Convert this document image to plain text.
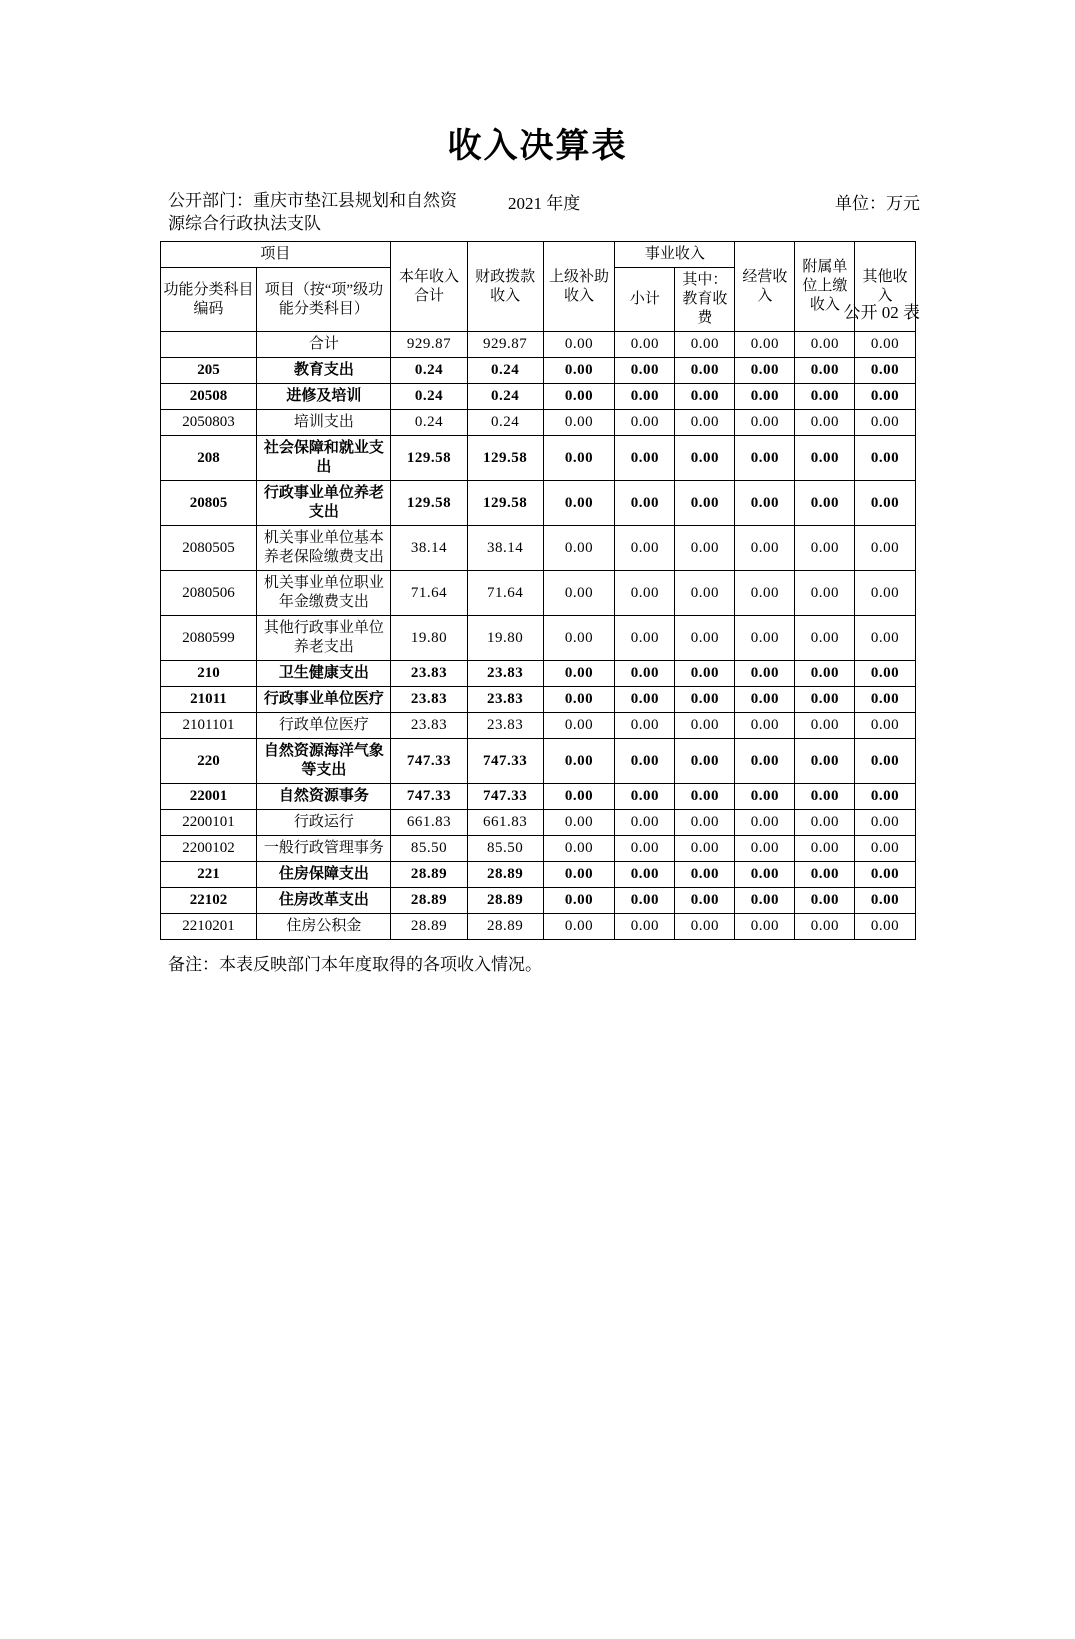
收入决算表
公开 02 表
公开部门：重庆市垫江县规划和自然资源综合行政执法支队
2021 年度	单位：万元
项目		本年收入合计	财政拨款收入	上级补助收入	事业收入		经营收入	附属单位上缴收入	其他收入
功能分类科目编码	项目（按“项”级功能分类科目）				小计	其中：教育收费			

	合计	929.87	929.87	0.00	0.00	0.00	0.00	0.00	0.00
205	教育支出	0.24	0.24	0.00	0.00	0.00	0.00	0.00	0.00
20508	进修及培训	0.24	0.24	0.00	0.00	0.00	0.00	0.00	0.00
2050803	培训支出	0.24	0.24	0.00	0.00	0.00	0.00	0.00	0.00
208	社会保障和就业支出	129.58	129.58	0.00	0.00	0.00	0.00	0.00	0.00
20805	行政事业单位养老支出	129.58	129.58	0.00	0.00	0.00	0.00	0.00	0.00
2080505	机关事业单位基本养老保险缴费支出	38.14	38.14	0.00	0.00	0.00	0.00	0.00	0.00
2080506	机关事业单位职业年金缴费支出	71.64	71.64	0.00	0.00	0.00	0.00	0.00	0.00
2080599	其他行政事业单位养老支出	19.80	19.80	0.00	0.00	0.00	0.00	0.00	0.00
210	卫生健康支出	23.83	23.83	0.00	0.00	0.00	0.00	0.00	0.00
21011	行政事业单位医疗	23.83	23.83	0.00	0.00	0.00	0.00	0.00	0.00
2101101	行政单位医疗	23.83	23.83	0.00	0.00	0.00	0.00	0.00	0.00
220	自然资源海洋气象等支出	747.33	747.33	0.00	0.00	0.00	0.00	0.00	0.00
22001	自然资源事务	747.33	747.33	0.00	0.00	0.00	0.00	0.00	0.00
2200101	行政运行	661.83	661.83	0.00	0.00	0.00	0.00	0.00	0.00
2200102	一般行政管理事务	85.50	85.50	0.00	0.00	0.00	0.00	0.00	0.00
221	住房保障支出	28.89	28.89	0.00	0.00	0.00	0.00	0.00	0.00
22102	住房改革支出	28.89	28.89	0.00	0.00	0.00	0.00	0.00	0.00
2210201	住房公积金	28.89	28.89	0.00	0.00	0.00	0.00	0.00	0.00
备注：本表反映部门本年度取得的各项收入情况。
